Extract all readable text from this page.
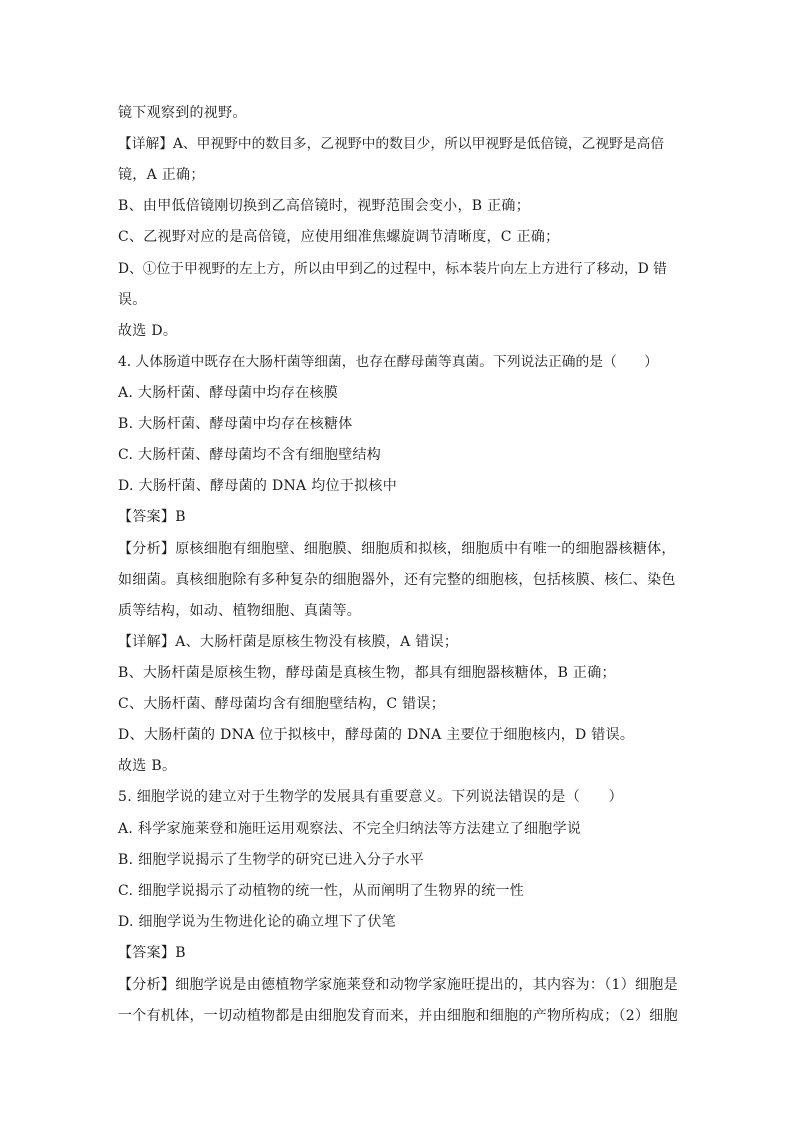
镜下观察到的视野。
【详解】A、甲视野中的数目多，乙视野中的数目少，所以甲视野是低倍镜，乙视野是高倍
镜，A 正确；
B、由甲低倍镜刚切换到乙高倍镜时，视野范围会变小，B 正确；
C、乙视野对应的是高倍镜，应使用细准焦螺旋调节清晰度，C 正确；
D、①位于甲视野的左上方，所以由甲到乙的过程中，标本装片向左上方进行了移动，D 错
误。
故选 D。
4. 人体肠道中既存在大肠杆菌等细菌，也存在酵母菌等真菌。下列说法正确的是（　　）
A. 大肠杆菌、酵母菌中均存在核膜
B. 大肠杆菌、酵母菌中均存在核糖体
C. 大肠杆菌、酵母菌均不含有细胞壁结构
D. 大肠杆菌、酵母菌的 DNA 均位于拟核中
【答案】B
【分析】原核细胞有细胞壁、细胞膜、细胞质和拟核，细胞质中有唯一的细胞器核糖体，
如细菌。真核细胞除有多种复杂的细胞器外，还有完整的细胞核，包括核膜、核仁、染色
质等结构，如动、植物细胞、真菌等。
【详解】A、大肠杆菌是原核生物没有核膜，A 错误；
B、大肠杆菌是原核生物，酵母菌是真核生物，都具有细胞器核糖体，B 正确；
C、大肠杆菌、酵母菌均含有细胞壁结构，C 错误；
D、大肠杆菌的 DNA 位于拟核中，酵母菌的 DNA 主要位于细胞核内，D 错误。
故选 B。
5. 细胞学说的建立对于生物学的发展具有重要意义。下列说法错误的是（　　）
A. 科学家施莱登和施旺运用观察法、不完全归纳法等方法建立了细胞学说
B. 细胞学说揭示了生物学的研究已进入分子水平
C. 细胞学说揭示了动植物的统一性，从而阐明了生物界的统一性
D. 细胞学说为生物进化论的确立埋下了伏笔
【答案】B
【分析】细胞学说是由德植物学家施莱登和动物学家施旺提出的，其内容为：（1）细胞是
一个有机体，一切动植物都是由细胞发育而来，并由细胞和细胞的产物所构成；（2）细胞
